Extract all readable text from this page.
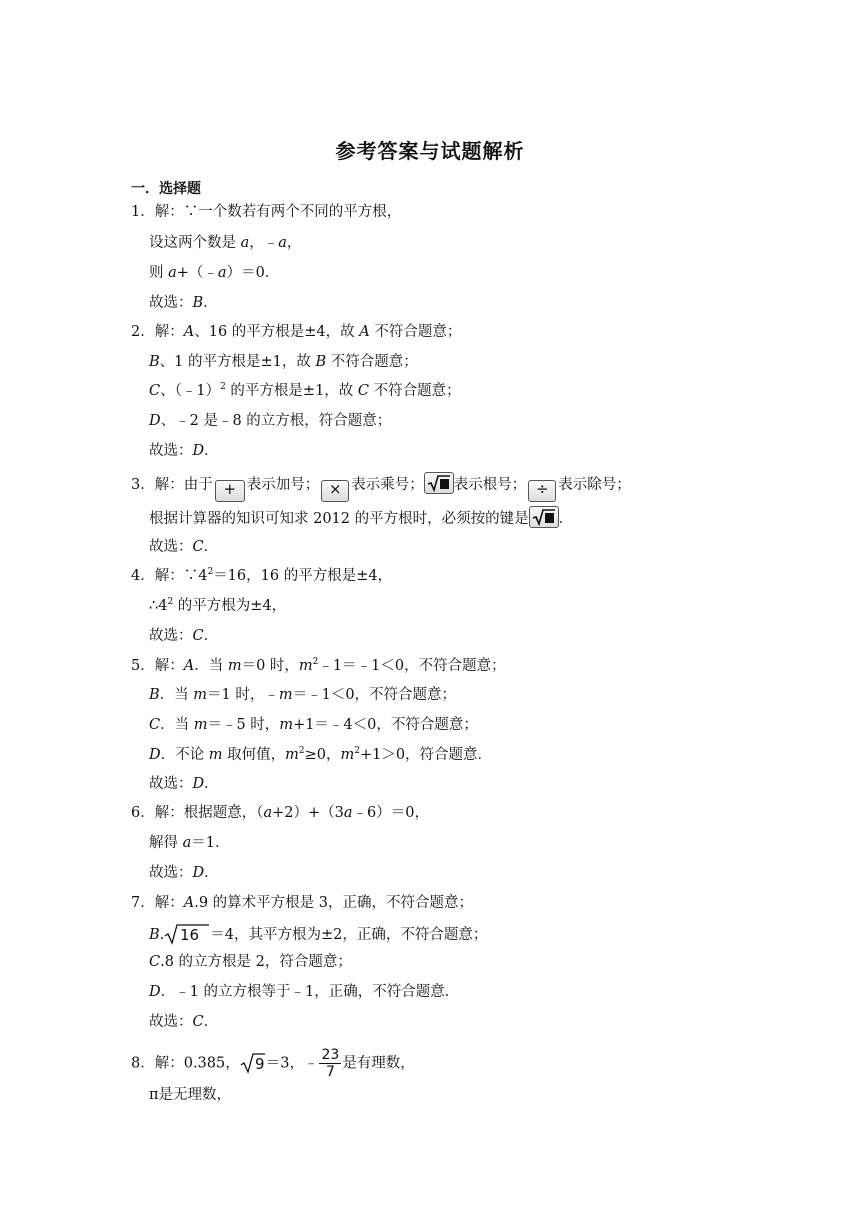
参考答案与试题解析
一．选择题
1．解：∵一个数若有两个不同的平方根，
设这两个数是 a，﹣a，
则 a+（﹣a）＝0．
故选：B．
2．解：A、16 的平方根是±4，故 A 不符合题意；
B、1 的平方根是±1，故 B 不符合题意；
C、（﹣1）$^2$ 的平方根是±1，故 C 不符合题意；
D、﹣2 是﹣8 的立方根，符合题意；
故选：D．
3．解：由于 + 表示加号； × 表示乘号； 表示根号； ÷ 表示除号；
根据计算器的知识可知求 2012 的平方根时，必须按的键是 ．
故选：C．
4．解：$\because 4^2=16$，16 的平方根是±4，
$\therefore 4^2$ 的平方根为±4，
故选：C．
5．解：A．当 m＝0 时，$m^2﹣1=﹣1<0$，不符合题意；
B．当 m＝1 时，﹣m＝﹣1＜0，不符合题意；
C．当 m＝﹣5 时，m+1＝﹣4＜0，不符合题意；
D．不论 m 取何值，$m^2\ge 0$，$m^2+1>0$，符合题意．
故选：D．
6．解：根据题意，（a+2）+（3a﹣6）＝0，
解得 a＝1．
故选：D．
7．解：A.9 的算术平方根是 3，正确，不符合题意；
B. 16 ＝4，其平方根为±2，正确，不符合题意；
C.8 的立方根是 2，符合题意；
D．﹣1 的立方根等于﹣1，正确，不符合题意．
故选：C．
8．解：0.385， 9 ＝3，﹣ $\frac{23}{7}$ 是有理数，
π是无理数，
